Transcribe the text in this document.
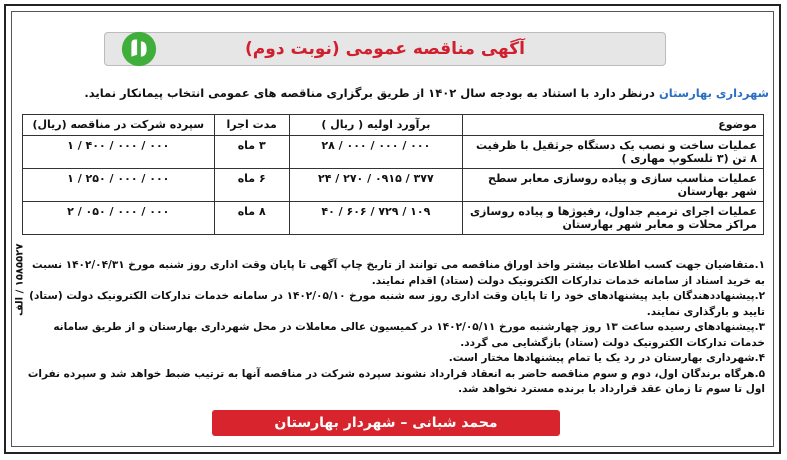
آگهی مناقصه عمومی (نوبت دوم)
شهرداری بهارستان درنظر دارد با استناد به بودجه سال ۱۴۰۲ از طریق برگزاری مناقصه های عمومی انتخاب پیمانکار نماید.
موضوع	برآورد اولیه ( ریال )	مدت اجرا	سپرده شرکت در مناقصه (ریال)
عملیات ساخت و نصب یک دستگاه جرثقیل با ظرفیت ۸ تن (۳ تلسکوپ مهاری )	۰۰۰ / ۰۰۰ / ۰۰۰ / ۲۸	۳ ماه	۰۰۰ / ۰۰۰ / ۴۰۰ / ۱
عملیات مناسب سازی و پیاده روسازی معابر سطح شهر بهارستان	۳۷۷ / ۰۹۱۵ / ۲۷۰ / ۲۴	۶ ماه	۰۰۰ / ۰۰۰ / ۲۵۰ / ۱
عملیات اجرای ترمیم جداول، رفیوژها و پیاده روسازی مراکز محلات و معابر شهر بهارستان	۱۰۹ / ۷۲۹ / ۶۰۶ / ۴۰	۸ ماه	۰۰۰ / ۰۰۰ / ۰۵۰ / ۲

۱.متقاضیان جهت کسب اطلاعات بیشتر واخذ اوراق مناقصه می توانند از تاریخ چاپ آگهی تا پایان وقت اداری روز شنبه مورخ ۱۴۰۲/۰۴/۳۱ نسبت به خرید اسناد از سامانه خدمات تدارکات الکترونیک دولت (ستاد) اقدام نمایند.

۲.پیشنهاددهندگان باید پیشنهادهای خود را تا پایان وقت اداری روز سه شنبه مورخ ۱۴۰۲/۰۵/۱۰ در سامانه خدمات تدارکات الکترونیک دولت (ستاد) تایید و بارگذاری نمایند.

۳.پیشنهادهای رسیده ساعت ۱۳ روز چهارشنبه مورخ ۱۴۰۲/۰۵/۱۱ در کمیسیون عالی معاملات در محل شهرداری بهارستان و از طریق سامانه خدمات تدارکات الکترونیک دولت (ستاد) بازگشایی می گردد.

۴.شهرداری بهارستان در رد یک یا تمام پیشنهادها مختار است.

۵.هرگاه برندگان اول، دوم و سوم مناقصه حاضر به انعقاد قرارداد نشوند سپرده شرکت در مناقصه آنها به ترتیب ضبط خواهد شد و سپرده نفرات اول تا سوم تا زمان عقد قرارداد با برنده مسترد نخواهد شد.

۱۵۸۵۵۲۷ / الف
محمد شبانی – شهردار بهارستان
